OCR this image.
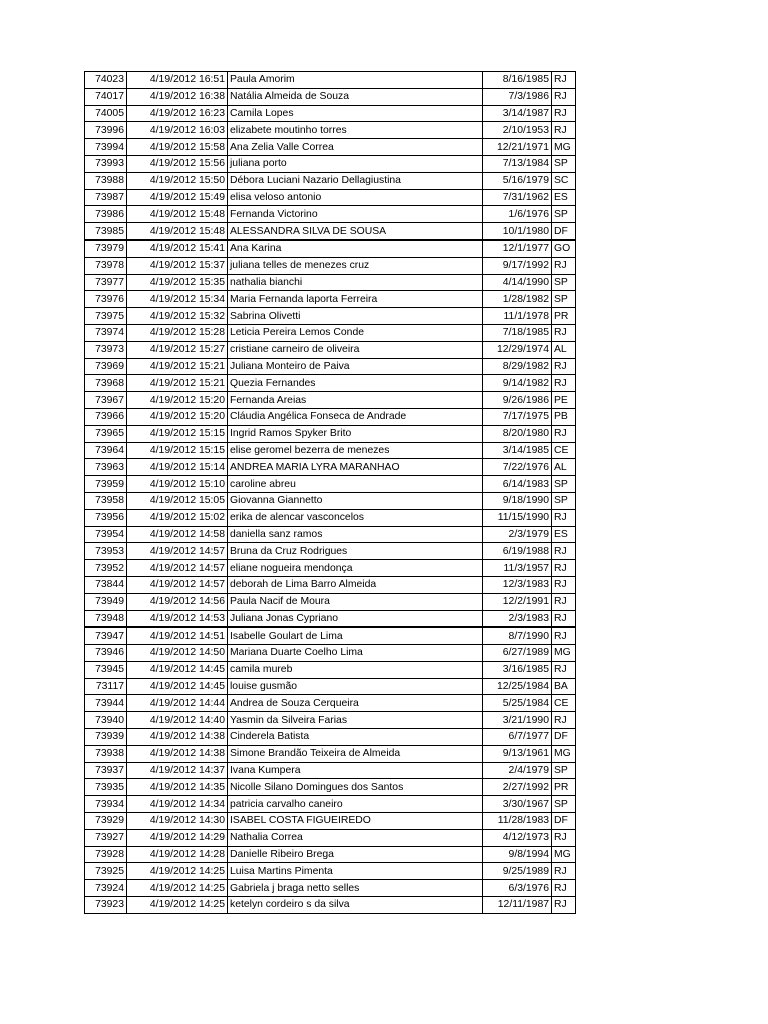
74023	4/19/2012 16:51	Paula Amorim	8/16/1985	RJ
74017	4/19/2012 16:38	Natália Almeida de Souza	7/3/1986	RJ
74005	4/19/2012 16:23	Camila Lopes	3/14/1987	RJ
73996	4/19/2012 16:03	elizabete moutinho torres	2/10/1953	RJ
73994	4/19/2012 15:58	Ana Zelia Valle Correa	12/21/1971	MG
73993	4/19/2012 15:56	juliana porto	7/13/1984	SP
73988	4/19/2012 15:50	Débora Luciani Nazario Dellagiustina	5/16/1979	SC
73987	4/19/2012 15:49	elisa veloso antonio	7/31/1962	ES
73986	4/19/2012 15:48	Fernanda Victorino	1/6/1976	SP
73985	4/19/2012 15:48	ALESSANDRA SILVA DE SOUSA	10/1/1980	DF
73979	4/19/2012 15:41	Ana Karina	12/1/1977	GO
73978	4/19/2012 15:37	juliana telles de menezes cruz	9/17/1992	RJ
73977	4/19/2012 15:35	nathalia bianchi	4/14/1990	SP
73976	4/19/2012 15:34	Maria Fernanda laporta Ferreira	1/28/1982	SP
73975	4/19/2012 15:32	Sabrina Olivetti	11/1/1978	PR
73974	4/19/2012 15:28	Leticia Pereira Lemos Conde	7/18/1985	RJ
73973	4/19/2012 15:27	cristiane carneiro de oliveira	12/29/1974	AL
73969	4/19/2012 15:21	Juliana Monteiro de Paiva	8/29/1982	RJ
73968	4/19/2012 15:21	Quezia Fernandes	9/14/1982	RJ
73967	4/19/2012 15:20	Fernanda Areias	9/26/1986	PE
73966	4/19/2012 15:20	Cláudia Angélica Fonseca de Andrade	7/17/1975	PB
73965	4/19/2012 15:15	Ingrid Ramos Spyker Brito	8/20/1980	RJ
73964	4/19/2012 15:15	elise geromel bezerra de menezes	3/14/1985	CE
73963	4/19/2012 15:14	ANDREA MARIA LYRA MARANHAO	7/22/1976	AL
73959	4/19/2012 15:10	caroline abreu	6/14/1983	SP
73958	4/19/2012 15:05	Giovanna Giannetto	9/18/1990	SP
73956	4/19/2012 15:02	erika de alencar vasconcelos	11/15/1990	RJ
73954	4/19/2012 14:58	daniella sanz ramos	2/3/1979	ES
73953	4/19/2012 14:57	Bruna da Cruz Rodrigues	6/19/1988	RJ
73952	4/19/2012 14:57	eliane nogueira mendonça	11/3/1957	RJ
73844	4/19/2012 14:57	deborah de Lima Barro Almeida	12/3/1983	RJ
73949	4/19/2012 14:56	Paula Nacif de Moura	12/2/1991	RJ
73948	4/19/2012 14:53	Juliana Jonas Cypriano	2/3/1983	RJ
73947	4/19/2012 14:51	Isabelle Goulart de Lima	8/7/1990	RJ
73946	4/19/2012 14:50	Mariana Duarte Coelho Lima	6/27/1989	MG
73945	4/19/2012 14:45	camila mureb	3/16/1985	RJ
73117	4/19/2012 14:45	louise gusmão	12/25/1984	BA
73944	4/19/2012 14:44	Andrea de Souza Cerqueira	5/25/1984	CE
73940	4/19/2012 14:40	Yasmin da Silveira Farias	3/21/1990	RJ
73939	4/19/2012 14:38	Cinderela Batista	6/7/1977	DF
73938	4/19/2012 14:38	Simone Brandão Teixeira de Almeida	9/13/1961	MG
73937	4/19/2012 14:37	Ivana Kumpera	2/4/1979	SP
73935	4/19/2012 14:35	Nicolle Silano Domingues dos Santos	2/27/1992	PR
73934	4/19/2012 14:34	patricia carvalho caneiro	3/30/1967	SP
73929	4/19/2012 14:30	ISABEL COSTA FIGUEIREDO	11/28/1983	DF
73927	4/19/2012 14:29	Nathalia Correa	4/12/1973	RJ
73928	4/19/2012 14:28	Danielle Ribeiro Brega	9/8/1994	MG
73925	4/19/2012 14:25	Luisa Martins Pimenta	9/25/1989	RJ
73924	4/19/2012 14:25	Gabriela j braga netto selles	6/3/1976	RJ
73923	4/19/2012 14:25	ketelyn cordeiro s da silva	12/11/1987	RJ
